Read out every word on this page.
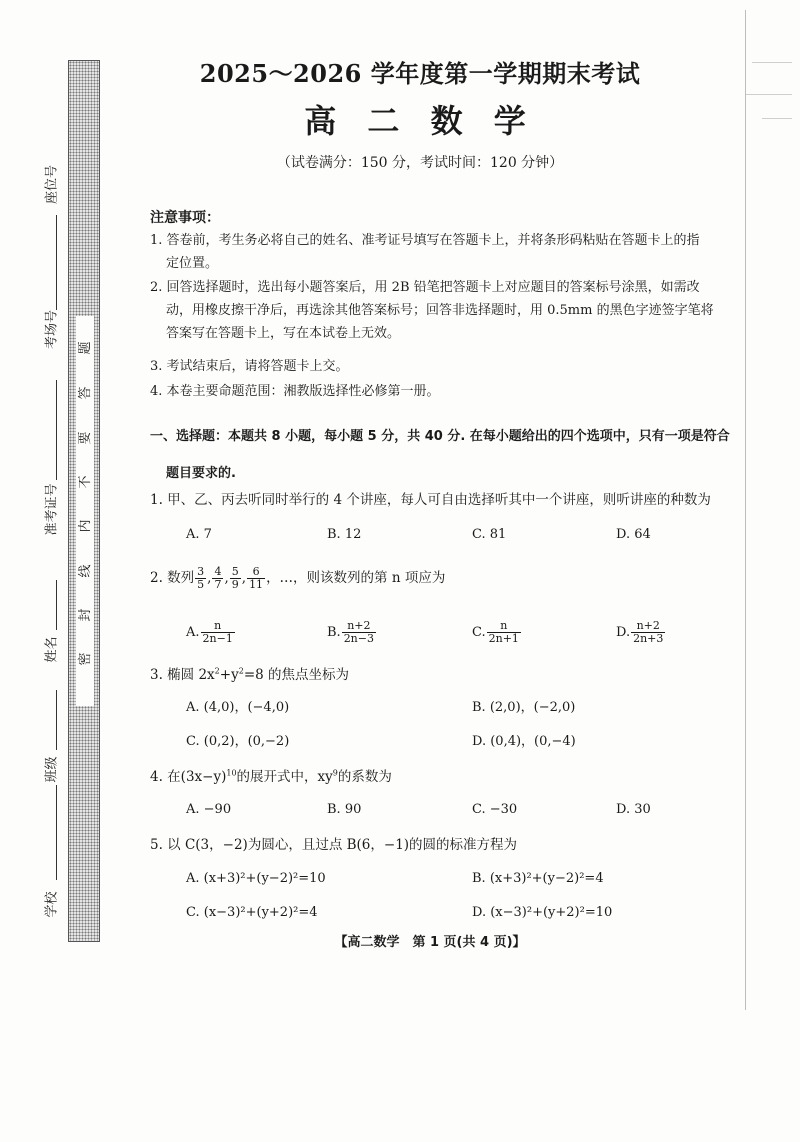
题
答
要
不
内
线
封
密
座位号
考场号
准考证号
姓名
班级
学校
2025～2026 学年度第一学期期末考试
高 二 数 学
（试卷满分：150 分，考试时间：120 分钟）
注意事项：
1. 答卷前，考生务必将自己的姓名、准考证号填写在答题卡上，并将条形码粘贴在答题卡上的指
定位置。
2. 回答选择题时，选出每小题答案后，用 2B 铅笔把答题卡上对应题目的答案标号涂黑，如需改
动，用橡皮擦干净后，再选涂其他答案标号；回答非选择题时，用 0.5mm 的黑色字迹签字笔将
答案写在答题卡上，写在本试卷上无效。
3. 考试结束后，请将答题卡上交。
4. 本卷主要命题范围：湘教版选择性必修第一册。
一、选择题：本题共 8 小题，每小题 5 分，共 40 分. 在每小题给出的四个选项中，只有一项是符合
题目要求的.
1. 甲、乙、丙去听同时举行的 4 个讲座，每人可自由选择听其中一个讲座，则听讲座的种数为
A. 7	B. 12	C. 81	D. 64
2. 数列 $\frac{3}{5}$ , $\frac{4}{7}$ , $\frac{5}{9}$ , $\frac{6}{11}$ ，…，则该数列的第 n 项应为
A. $\frac{n}{2n-1}$	B. $\frac{n+2}{2n-3}$	C. $\frac{n}{2n+1}$	D. $\frac{n+2}{2n+3}$
3. 椭圆 $2x^2+y^2=8$ 的焦点坐标为
A. (4,0)，(−4,0)	B. (2,0)，(−2,0)
C. (0,2)，(0,−2)	D. (0,4)，(0,−4)
4. 在$(3x-y)^{10}$的展开式中，$xy^9$的系数为
A. −90	B. 90	C. −30	D. 30
5. 以 C(3，−2)为圆心，且过点 B(6，−1)的圆的标准方程为
A. (x+3)²+(y−2)²=10	B. (x+3)²+(y−2)²=4
C. (x−3)²+(y+2)²=4	D. (x−3)²+(y+2)²=10
【高二数学　第 1 页(共 4 页)】
